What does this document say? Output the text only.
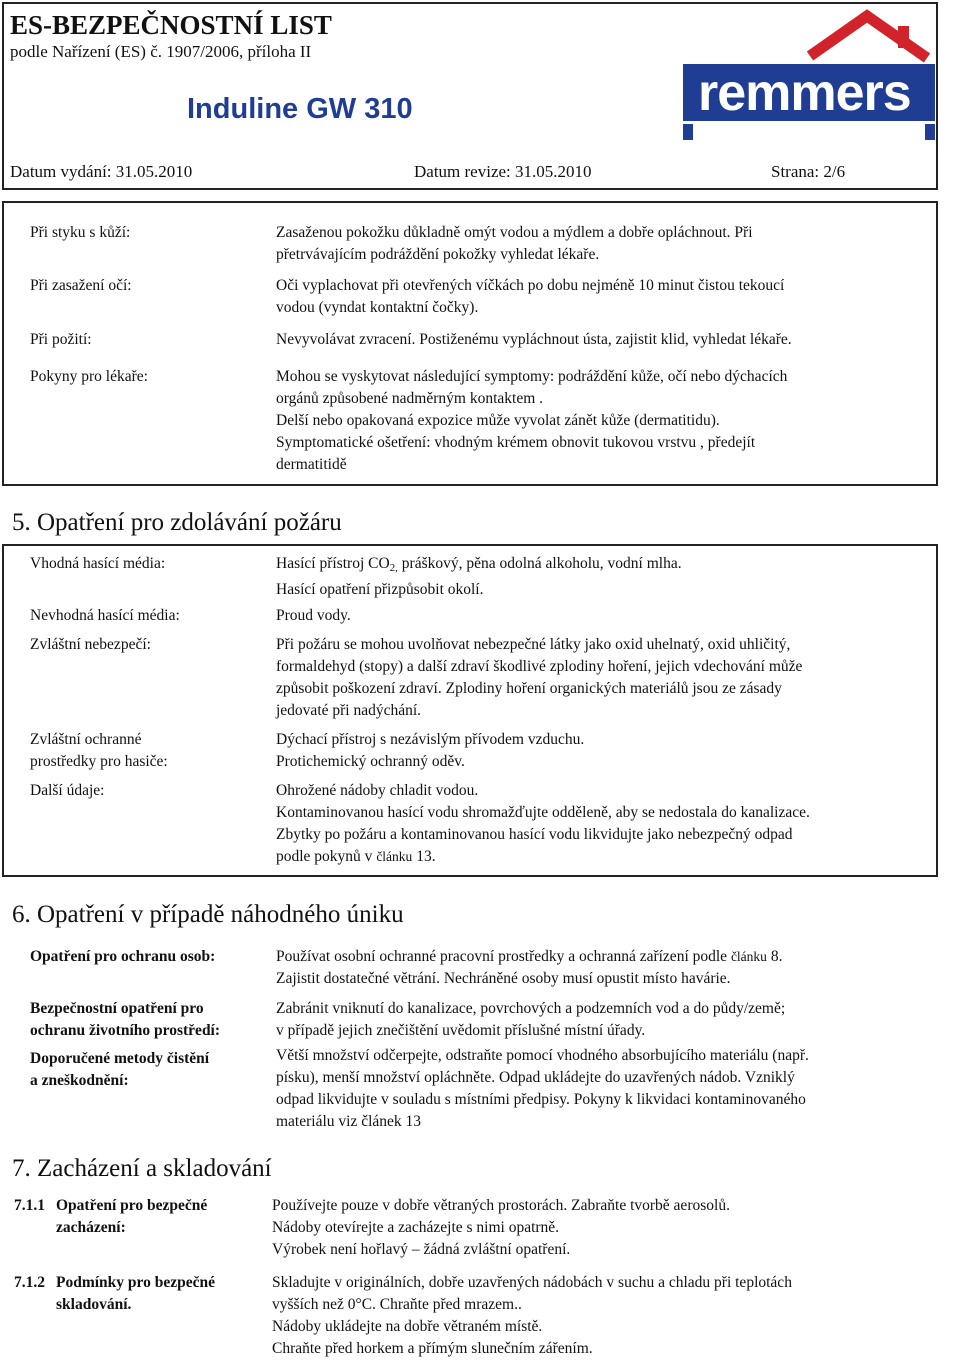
ES-BEZPEČNOSTNÍ LIST
podle Nařízení (ES) č. 1907/2006, příloha II
Induline GW 310
Datum vydání: 31.05.2010	Datum revize: 31.05.2010	Strana: 2/6
remmers
Při styku s kůží:	Zasaženou pokožku důkladně omýt vodou a mýdlem a dobře opláchnout. Při
přetrvávajícím podráždění pokožky vyhledat lékaře.
Při zasažení očí:	Oči vyplachovat při otevřených víčkách po dobu nejméně 10 minut čistou tekoucí
vodou (vyndat kontaktní čočky).
Při požití:	Nevyvolávat zvracení. Postiženému vypláchnout ústa, zajistit klid, vyhledat lékaře.
Pokyny pro lékaře:	Mohou se vyskytovat následující symptomy: podráždění kůže, očí nebo dýchacích
orgánů způsobené nadměrným kontaktem .
Delší nebo opakovaná expozice může vyvolat zánět kůže (dermatitidu).
Symptomatické ošetření: vhodným krémem obnovit tukovou vrstvu , předejít
dermatitidě
5. Opatření pro zdolávání požáru
Vhodná hasící média:	Hasící přístroj CO2, práškový, pěna odolná alkoholu, vodní mlha.
Hasící opatření přizpůsobit okolí.
Nevhodná hasící média:	Proud vody.
Zvláštní nebezpečí:	Při požáru se mohou uvolňovat nebezpečné látky jako oxid uhelnatý, oxid uhličitý,
formaldehyd (stopy) a další zdraví škodlivé zplodiny hoření, jejich vdechování může
způsobit poškození zdraví. Zplodiny hoření organických materiálů jsou ze zásady
jedovaté při nadýchání.
Zvláštní ochranné
prostředky pro hasiče:
Dýchací přístroj s nezávislým přívodem vzduchu.
Protichemický ochranný oděv.
Další údaje:	Ohrožené nádoby chladit vodou.
Kontaminovanou hasící vodu shromažďujte odděleně, aby se nedostala do kanalizace.
Zbytky po požáru a kontaminovanou hasící vodu likvidujte jako nebezpečný odpad
podle pokynů v článku 13.
6. Opatření v případě náhodného úniku
Opatření pro ochranu osob:	Používat osobní ochranné pracovní prostředky a ochranná zařízení podle článku 8.
Zajistit dostatečné větrání. Nechráněné osoby musí opustit místo havárie.
Bezpečnostní opatření pro
ochranu životního prostředí:
Zabránit vniknutí do kanalizace, povrchových a podzemních vod a do půdy/země;
v případě jejich znečištění uvědomit příslušné místní úřady.
Doporučené metody čistění
a zneškodnění:
Větší množství odčerpejte, odstraňte pomocí vhodného absorbujícího materiálu (např.
písku), menší množství opláchněte. Odpad ukládejte do uzavřených nádob. Vzniklý
odpad likvidujte v souladu s místními předpisy. Pokyny k likvidaci kontaminovaného
materiálu viz článek 13
7. Zacházení a skladování
7.1.1 Opatření pro bezpečné
zacházení:
Používejte pouze v dobře větraných prostorách. Zabraňte tvorbě aerosolů.
Nádoby otevírejte a zacházejte s nimi opatrně.
Výrobek není hořlavý – žádná zvláštní opatření.
7.1.2 Podmínky pro bezpečné
skladování.
Skladujte v originálních, dobře uzavřených nádobách v suchu a chladu při teplotách
vyšších než 0°C. Chraňte před mrazem..
Nádoby ukládejte na dobře větraném místě.
Chraňte před horkem a přímým slunečním zářením.
